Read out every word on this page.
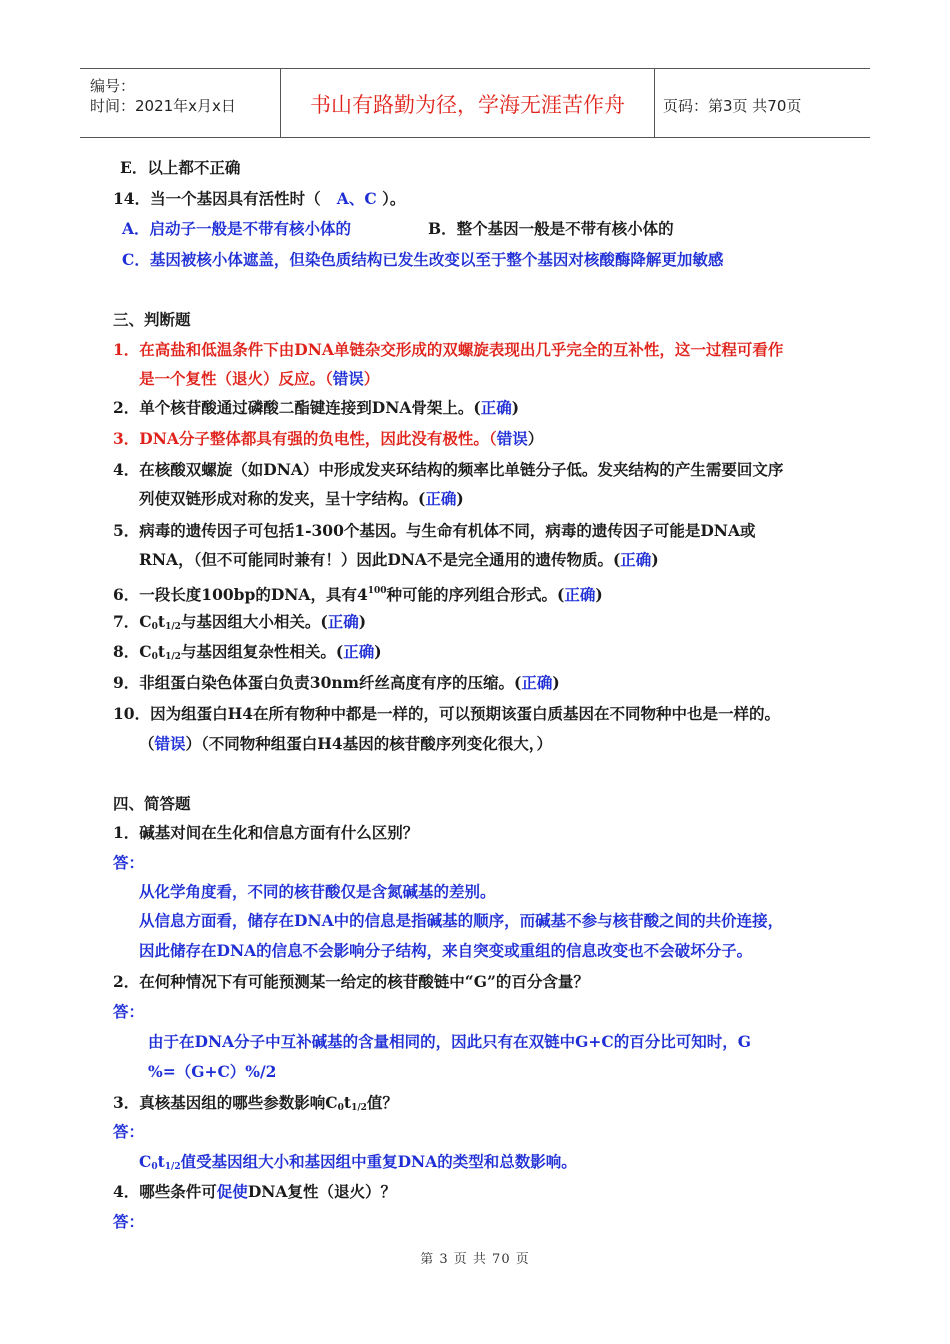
编号：
时间：2021年x月x日	书山有路勤为径，学海无涯苦作舟	页码：第3页 共70页
E．以上都不正确
14．当一个基因具有活性时（ A、C ）。
A．启动子一般是不带有核小体的	B．整个基因一般是不带有核小体的
C．基因被核小体遮盖，但染色质结构已发生改变以至于整个基因对核酸酶降解更加敏感
三、判断题
1．在高盐和低温条件下由DNA单链杂交形成的双螺旋表现出几乎完全的互补性，这一过程可看作
是一个复性（退火）反应。（错误）
2．单个核苷酸通过磷酸二酯键连接到DNA骨架上。(正确)
3．DNA分子整体都具有强的负电性，因此没有极性。（错误）
4．在核酸双螺旋（如DNA）中形成发夹环结构的频率比单链分子低。发夹结构的产生需要回文序
列使双链形成对称的发夹，呈十字结构。(正确)
5．病毒的遗传因子可包括1-300个基因。与生命有机体不同，病毒的遗传因子可能是DNA或
RNA，（但不可能同时兼有！）因此DNA不是完全通用的遗传物质。(正确)
6．一段长度100bp的DNA，具有$4^{100}$种可能的序列组合形式。(正确)
7．$C_0t_{1/2}$与基因组大小相关。(正确)
8．$C_0t_{1/2}$与基因组复杂性相关。(正确)
9．非组蛋白染色体蛋白负责30nm纤丝高度有序的压缩。(正确)
10．因为组蛋白H4在所有物种中都是一样的，可以预期该蛋白质基因在不同物种中也是一样的。
（错误）（不同物种组蛋白H4基因的核苷酸序列变化很大，）
四、简答题
1．碱基对间在生化和信息方面有什么区别？
答：
从化学角度看，不同的核苷酸仅是含氮碱基的差别。
从信息方面看，储存在DNA中的信息是指碱基的顺序，而碱基不参与核苷酸之间的共价连接，
因此储存在DNA的信息不会影响分子结构，来自突变或重组的信息改变也不会破坏分子。
2．在何种情况下有可能预测某一给定的核苷酸链中“G”的百分含量？
答：
由于在DNA分子中互补碱基的含量相同的，因此只有在双链中G+C的百分比可知时，G
%=（G+C）%/2
3．真核基因组的哪些参数影响$C_0t_{1/2}$值？
答：
$C_0t_{1/2}$值受基因组大小和基因组中重复DNA的类型和总数影响。
4．哪些条件可促使DNA复性（退火）？
答：
第 3 页 共 70 页
